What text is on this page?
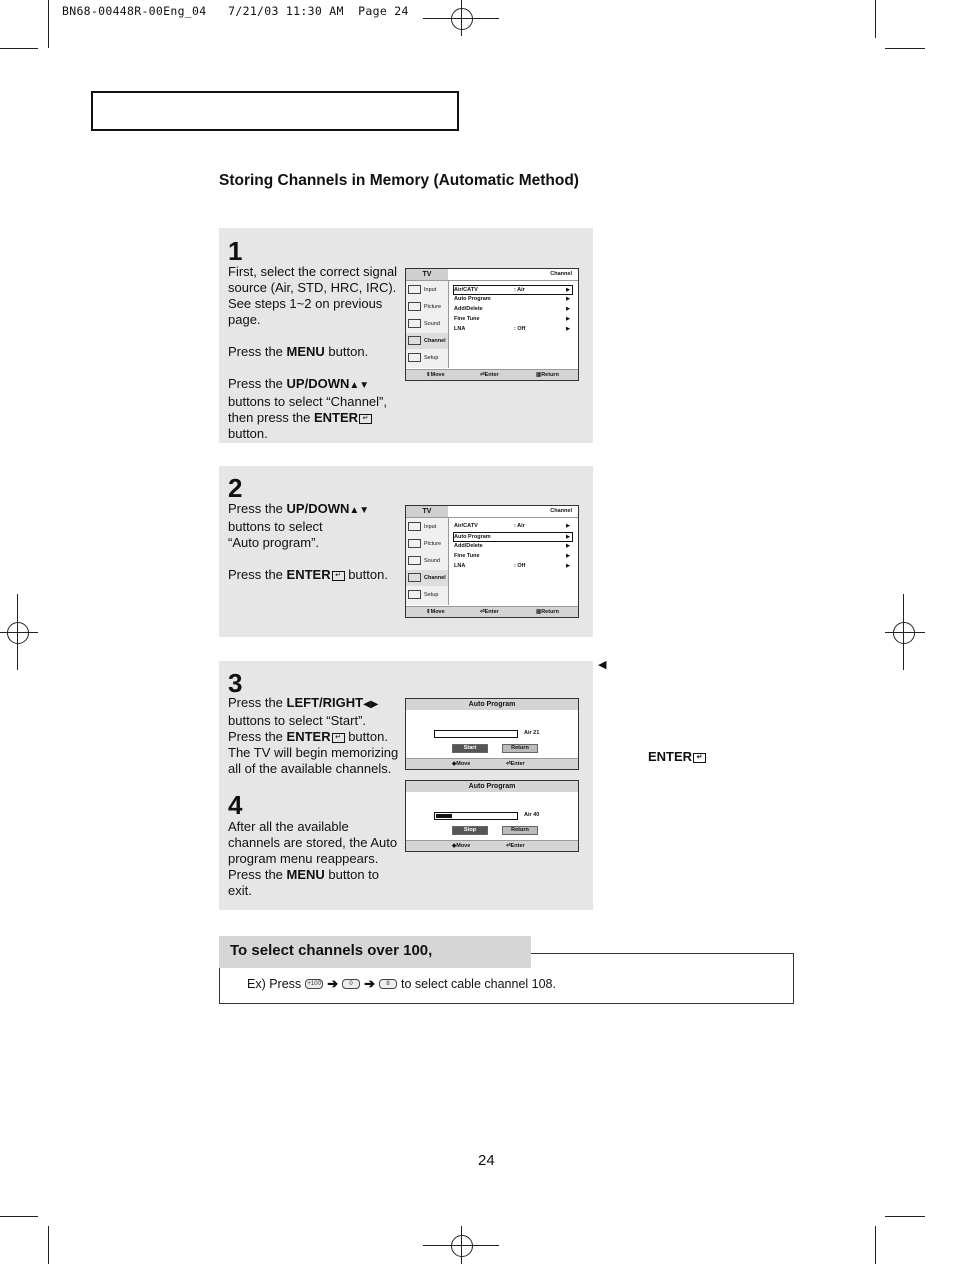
BN68-00448R-00Eng_04   7/21/03 11:30 AM  Page 24
Storing Channels in Memory (Automatic Method)
1

First, select the correct signal

source (Air, STD, HRC, IRC).

See steps 1~2 on previous

page.

Press the MENU button.

Press the UP/DOWN▲▼

buttons to select “Channel”,

then press the ENTER ↵

button.

TV	Channel
Input
Picture
Sound
Channel
Setup
Air/CATV	: Air	▶
Auto Program	▶
Add/Delete	▶
Fine Tune	▶
LNA	: Off	▶
⇕ Move	⏎ Enter	▥ Return
2

Press the UP/DOWN▲▼

buttons to select

“Auto program”.

Press the ENTER ↵ button.

TV	Channel
Input
Picture
Sound
Channel
Setup
Air/CATV	: Air	▶
Auto Program	▶
Add/Delete	▶
Fine Tune	▶
LNA	: Off	▶
⇕ Move	⏎ Enter	▥ Return
3

Press the LEFT/RIGHT◀▶

buttons to select “Start”.

Press the ENTER ↵ button.

The TV will begin memorizing

all of the available channels.

4

After all the available

channels are stored, the Auto

program menu reappears.

Press the MENU button to

exit.

Auto Program
Air 21
Start	Return
◆ Move	⏎ Enter
Auto Program
Air 40
Stop	Return
◆ Move	⏎ Enter
◀
ENTER ↵
To select channels over 100,
Ex) Press	+100 ➔	0 ➔	8 to select cable channel 108.
24
